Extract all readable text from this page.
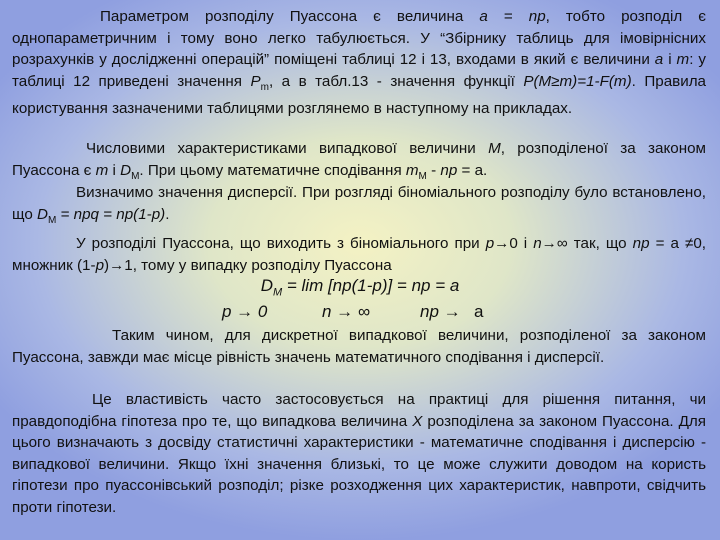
Параметром розподілу Пуассона є величина a = np, тобто розподіл є однопараметричним і тому воно легко табулюється. У “Збірнику таблиць для імовірнісних розрахунків у дослідженні операцій” поміщені таблиці 12 і 13, входами в який є величини a і m: у таблиці 12 приведені значення $P_m$, а в табл.13 - значення функції P(M≥m)=1-F(m). Правила користування зазначеними таблицями розглянемо в наступному на прикладах.
Числовими характеристиками випадкової величини M, розподіленої за законом Пуассона є m і $D_M$. При цьому математичне сподівання $m_M$ - np = а.
Визначимо значення дисперсії. При розгляді біноміального розподілу було встановлено, що $D_M$ = npq = np(1-p).
У розподілі Пуассона, що виходить з біноміального при p→0 і n→∞ так, що np = а ≠0, множник (1-p)→1, тому у випадку розподілу Пуассона
$D_M = \lim [np(1-p)]$ = np = a
p → 0	n → ∞	np → a
Таким чином, для дискретної випадкової величини, розподіленої за законом Пуассона, завжди має місце рівність значень математичного сподівання і дисперсії.
Це властивість часто застосовується на практиці для рішення питання, чи правдоподібна гіпотеза про те, що випадкова величина X розподілена за законом Пуассона. Для цього визначають з досвіду статистичні характеристики - математичне сподівання і дисперсію - випадкової величини. Якщо їхні значення близькі, то це може служити доводом на користь гіпотези про пуассонівський розподіл; різке розходження цих характеристик, навпроти, свідчить проти гіпотези.
